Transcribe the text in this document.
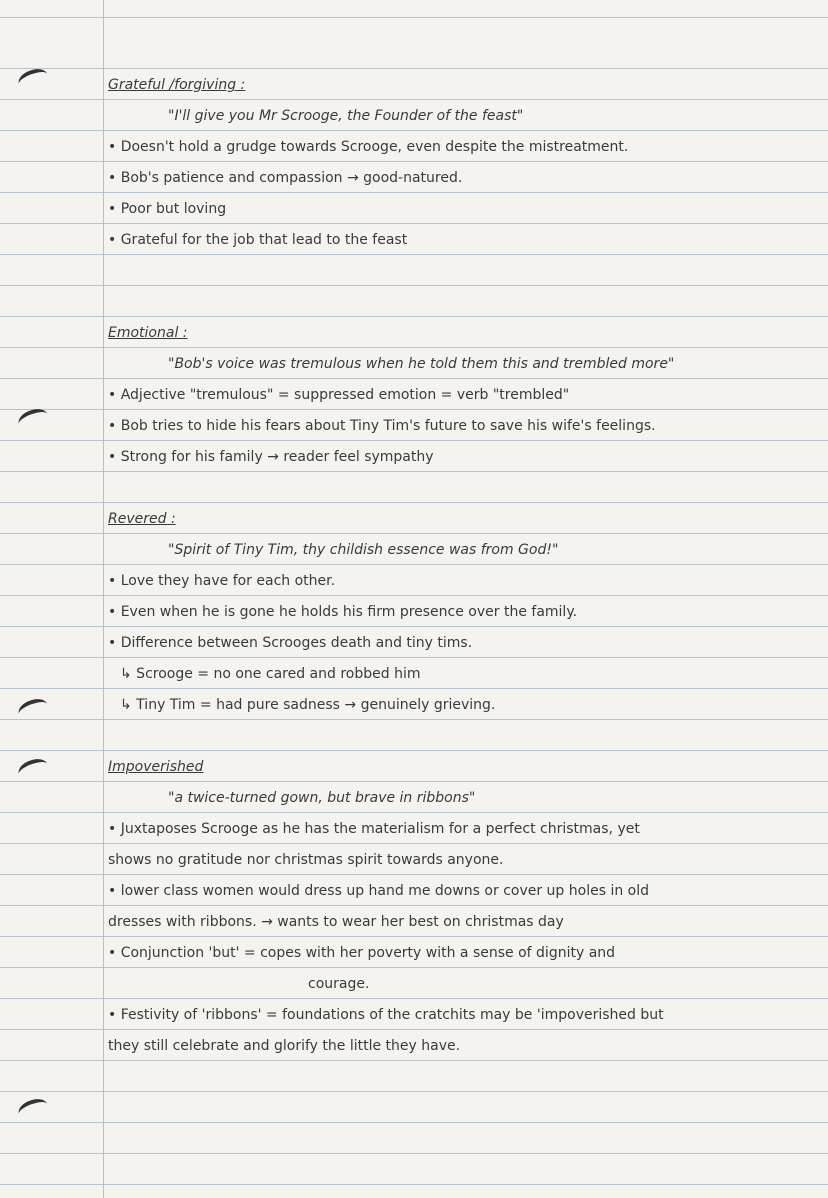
Grateful /forgiving :
"I'll give you Mr Scrooge, the Founder of the feast"
• Doesn't hold a grudge towards Scrooge, even despite the mistreatment.
• Bob's patience and compassion → good-natured.
• Poor but loving
• Grateful for the job that lead to the feast
Emotional :
"Bob's voice was tremulous when he told them this and trembled more"
• Adjective "tremulous" = suppressed emotion = verb "trembled"
• Bob tries to hide his fears about Tiny Tim's future to save his wife's feelings.
• Strong for his family → reader feel sympathy
Revered :
"Spirit of Tiny Tim, thy childish essence was from God!"
• Love they have for each other.
• Even when he is gone he holds his firm presence over the family.
• Difference between Scrooges death and tiny tims.
↳ Scrooge = no one cared and robbed him
↳ Tiny Tim = had pure sadness → genuinely grieving.
Impoverished
"a twice-turned gown, but brave in ribbons"
• Juxtaposes Scrooge as he has the materialism for a perfect christmas, yet
shows no gratitude nor christmas spirit towards anyone.
• lower class women would dress up hand me downs or cover up holes in old
dresses with ribbons. → wants to wear her best on christmas day
• Conjunction 'but' = copes with her poverty with a sense of dignity and
courage.
• Festivity of 'ribbons' = foundations of the cratchits may be 'impoverished but
they still celebrate and glorify the little they have.
